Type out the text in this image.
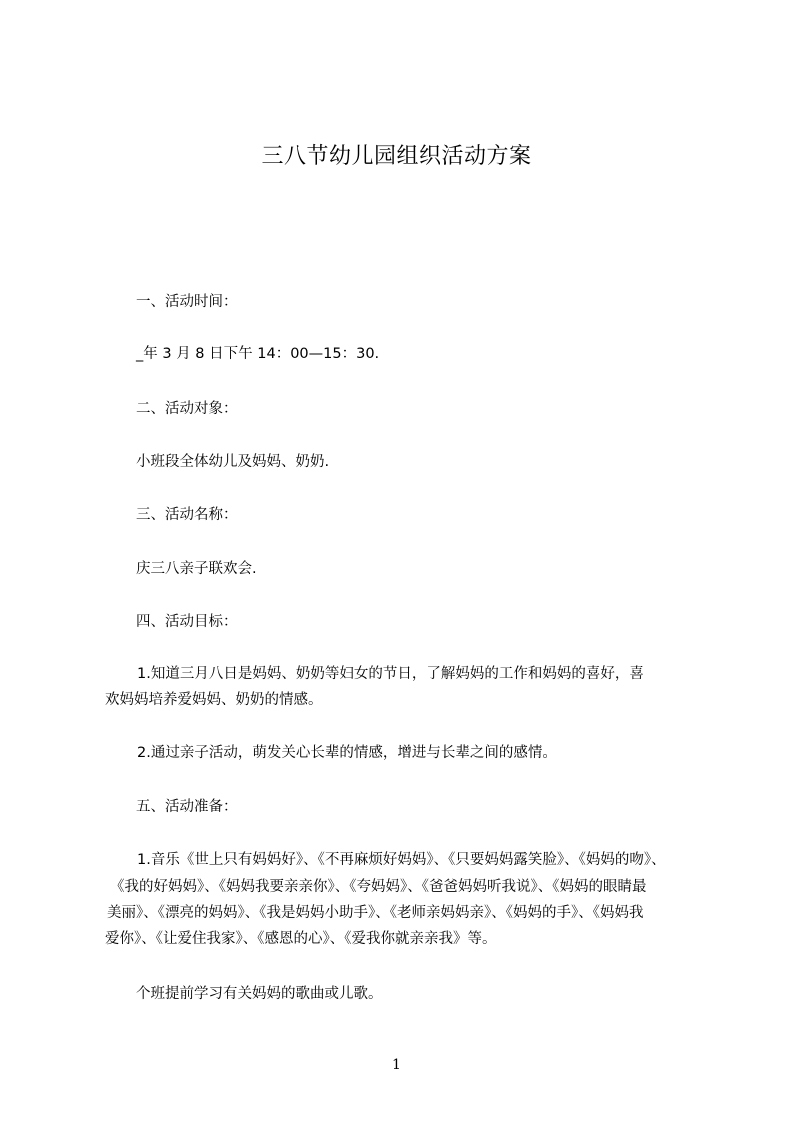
三八节幼儿园组织活动方案
一、活动时间：
_年 3 月 8 日下午 14：00—15：30.
二、活动对象：
小班段全体幼儿及妈妈、奶奶.
三、活动名称：
庆三八亲子联欢会.
四、活动目标：
1.知道三月八日是妈妈、奶奶等妇女的节日，了解妈妈的工作和妈妈的喜好，喜
欢妈妈培养爱妈妈、奶奶的情感。
2.通过亲子活动，萌发关心长辈的情感，增进与长辈之间的感情。
五、活动准备：
1.音乐《世上只有妈妈好》、《不再麻烦好妈妈》、《只要妈妈露笑脸》、《妈妈的吻》、
《我的好妈妈》、《妈妈我要亲亲你》、《夸妈妈》、《爸爸妈妈听我说》、《妈妈的眼睛最
美丽》、《漂亮的妈妈》、《我是妈妈小助手》、《老师亲妈妈亲》、《妈妈的手》、《妈妈我
爱你》、《让爱住我家》、《感恩的心》、《爱我你就亲亲我》等。
个班提前学习有关妈妈的歌曲或儿歌。
1
